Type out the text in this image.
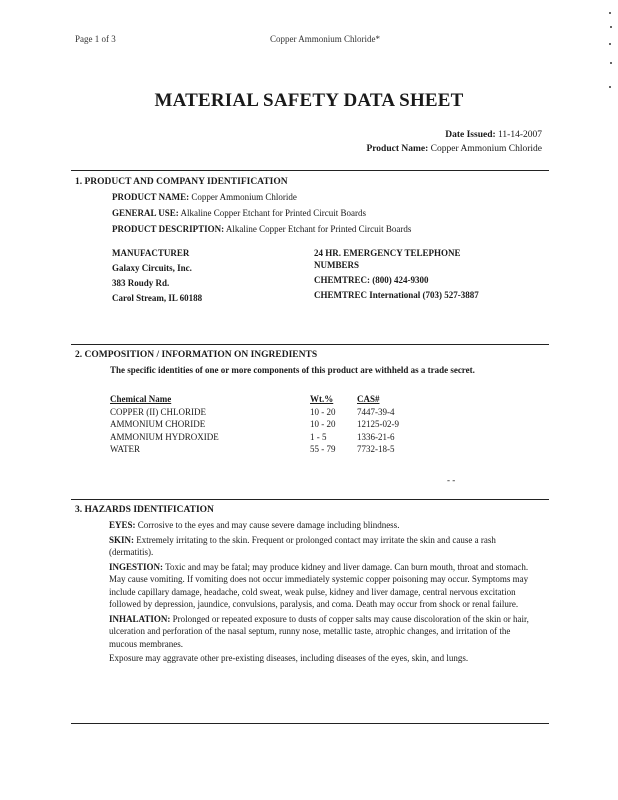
Page 1 of 3	Copper Ammonium Chloride*
MATERIAL SAFETY DATA SHEET
Date Issued: 11-14-2007
Product Name: Copper Ammonium Chloride
1. PRODUCT AND COMPANY IDENTIFICATION
PRODUCT NAME: Copper Ammonium Chloride
GENERAL USE: Alkaline Copper Etchant for Printed Circuit Boards
PRODUCT DESCRIPTION: Alkaline Copper Etchant for Printed Circuit Boards
MANUFACTURER
Galaxy Circuits, Inc.
383 Roudy Rd.
Carol Stream, IL 60188
24 HR. EMERGENCY TELEPHONE
NUMBERS
CHEMTREC: (800) 424-9300
CHEMTREC International (703) 527-3887
2. COMPOSITION / INFORMATION ON INGREDIENTS
The specific identities of one or more components of this product are withheld as a trade secret.
Chemical Name	Wt.%	CAS#
COPPER (II) CHLORIDE	10 - 20	7447-39-4
AMMONIUM CHORIDE	10 - 20	12125-02-9
AMMONIUM HYDROXIDE	1 - 5	1336-21-6
WATER	55 - 79	7732-18-5
- -
3. HAZARDS IDENTIFICATION

EYES: Corrosive to the eyes and may cause severe damage including blindness.

SKIN: Extremely irritating to the skin. Frequent or prolonged contact may irritate the skin and cause a rash (dermatitis).

INGESTION: Toxic and may be fatal; may produce kidney and liver damage. Can burn mouth, throat and stomach. May cause vomiting. If vomiting does not occur immediately systemic copper poisoning may occur. Symptoms may include capillary damage, headache, cold sweat, weak pulse, kidney and liver damage, central nervous excitation followed by depression, jaundice, convulsions, paralysis, and coma. Death may occur from shock or renal failure.

INHALATION: Prolonged or repeated exposure to dusts of copper salts may cause discoloration of the skin or hair, ulceration and perforation of the nasal septum, runny nose, metallic taste, atrophic changes, and irritation of the mucous membranes.

Exposure may aggravate other pre-existing diseases, including diseases of the eyes, skin, and lungs.
